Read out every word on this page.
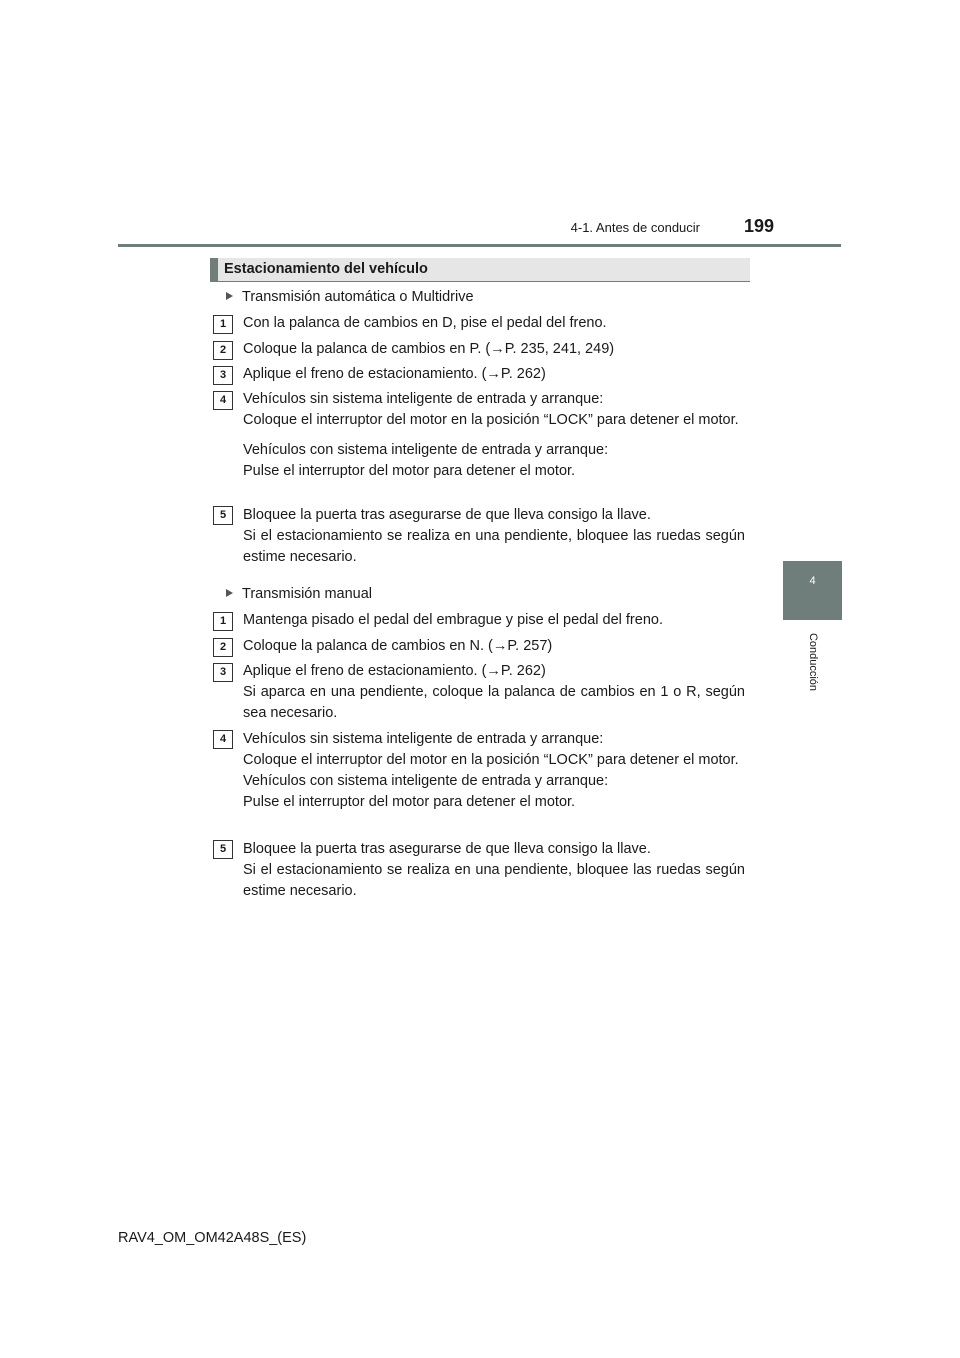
4-1. Antes de conducir	199
4
Conducción
Estacionamiento del vehículo
Transmisión automática o Multidrive
1	Con la palanca de cambios en D, pise el pedal del freno.

2	Coloque la palanca de cambios en P. (→P. 235, 241, 249)

3	Aplique el freno de estacionamiento. (→P. 262)

4	Vehículos sin sistema inteligente de entrada y arranque:

Coloque el interruptor del motor en la posición “LOCK” para detener el motor.

Vehículos con sistema inteligente de entrada y arranque:

Pulse el interruptor del motor para detener el motor.

5	Bloquee la puerta tras asegurarse de que lleva consigo la llave.

Si el estacionamiento se realiza en una pendiente, bloquee las ruedas según estime necesario.

Transmisión manual
1	Mantenga pisado el pedal del embrague y pise el pedal del freno.

2	Coloque la palanca de cambios en N. (→P. 257)

3	Aplique el freno de estacionamiento. (→P. 262)

Si aparca en una pendiente, coloque la palanca de cambios en 1 o R, según sea necesario.

4	Vehículos sin sistema inteligente de entrada y arranque:

Coloque el interruptor del motor en la posición “LOCK” para detener el motor.

Vehículos con sistema inteligente de entrada y arranque:

Pulse el interruptor del motor para detener el motor.

5	Bloquee la puerta tras asegurarse de que lleva consigo la llave.

Si el estacionamiento se realiza en una pendiente, bloquee las ruedas según estime necesario.

RAV4_OM_OM42A48S_(ES)
